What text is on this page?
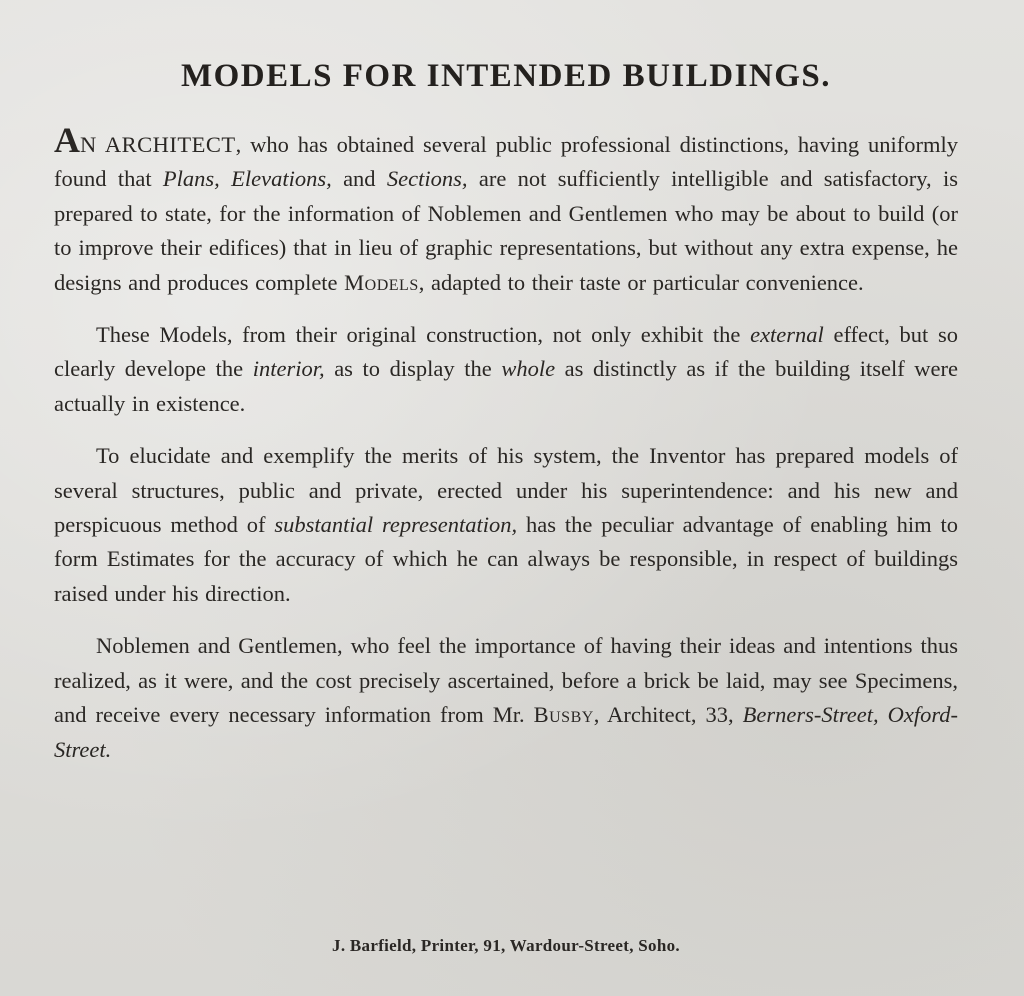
MODELS FOR INTENDED BUILDINGS.

AN ARCHITECT, who has obtained several public professional distinctions, having uniformly found that Plans, Elevations, and Sections, are not sufficiently intelligible and satisfactory, is prepared to state, for the information of Noblemen and Gentlemen who may be about to build (or to improve their edifices) that in lieu of graphic representations, but without any extra expense, he designs and produces complete Models, adapted to their taste or particular convenience.

These Models, from their original construction, not only exhibit the external effect, but so clearly develope the interior, as to display the whole as distinctly as if the building itself were actually in existence.

To elucidate and exemplify the merits of his system, the Inventor has prepared models of several structures, public and private, erected under his superintendence: and his new and perspicuous method of substantial representation, has the peculiar advantage of enabling him to form Estimates for the accuracy of which he can always be responsible, in respect of buildings raised under his direction.

Noblemen and Gentlemen, who feel the importance of having their ideas and intentions thus realized, as it were, and the cost precisely ascertained, before a brick be laid, may see Specimens, and receive every necessary information from Mr. Busby, Architect, 33, Berners-Street, Oxford-Street.

J. Barfield, Printer, 91, Wardour-Street, Soho.
